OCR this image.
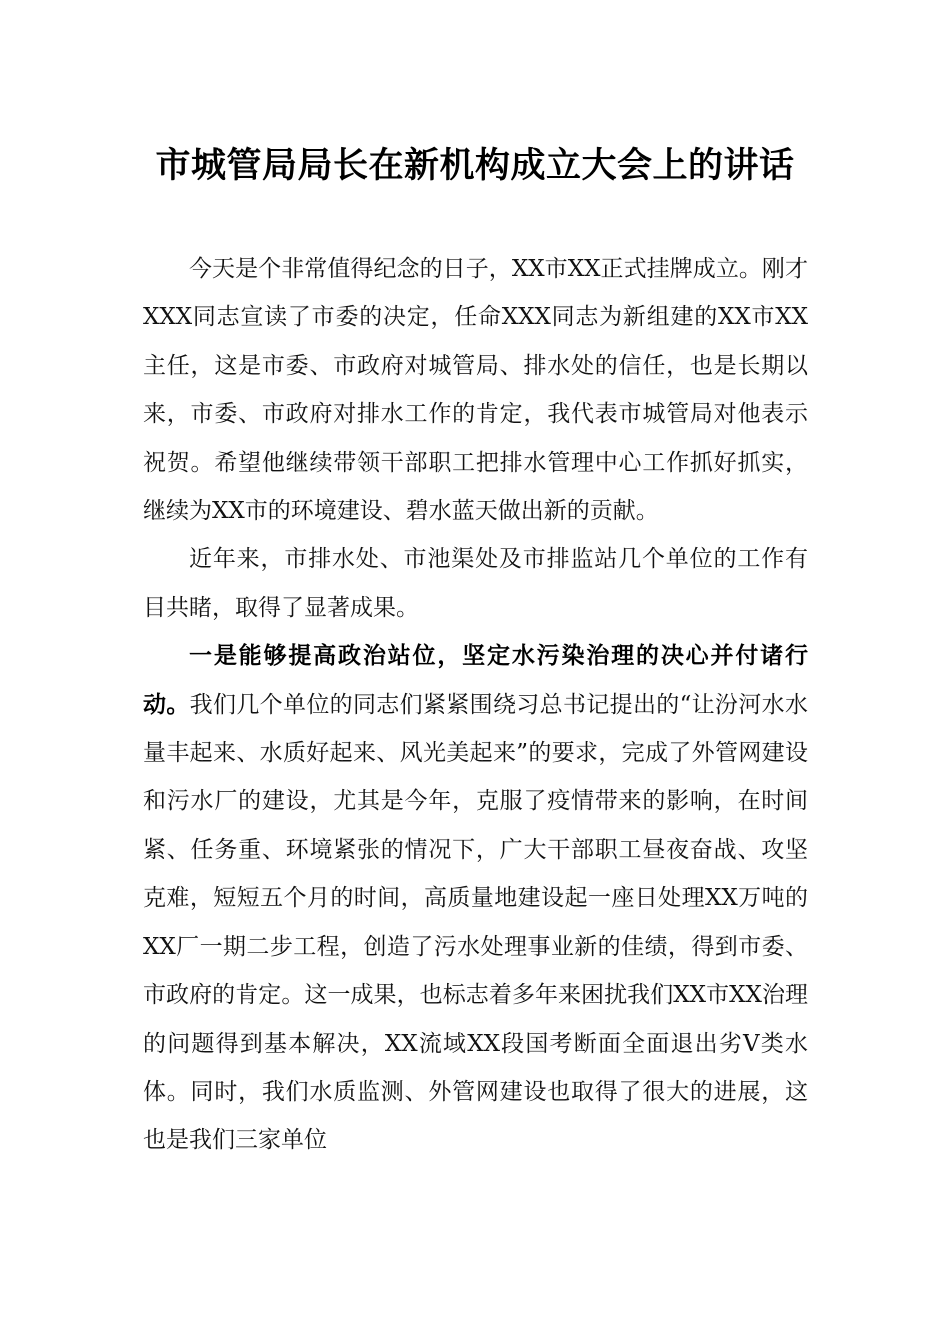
市城管局局长在新机构成立大会上的讲话

今天是个非常值得纪念的日子，XX市XX正式挂牌成立。刚才XXX同志宣读了市委的决定，任命XXX同志为新组建的XX市XX主任，这是市委、市政府对城管局、排水处的信任，也是长期以来，市委、市政府对排水工作的肯定，我代表市城管局对他表示祝贺。希望他继续带领干部职工把排水管理中心工作抓好抓实，继续为XX市的环境建设、碧水蓝天做出新的贡献。

近年来，市排水处、市池渠处及市排监站几个单位的工作有目共睹，取得了显著成果。

一是能够提高政治站位，坚定水污染治理的决心并付诸行动。我们几个单位的同志们紧紧围绕习总书记提出的“让汾河水水量丰起来、水质好起来、风光美起来”的要求，完成了外管网建设和污水厂的建设，尤其是今年，克服了疫情带来的影响，在时间紧、任务重、环境紧张的情况下，广大干部职工昼夜奋战、攻坚克难，短短五个月的时间，高质量地建设起一座日处理XX万吨的XX厂一期二步工程，创造了污水处理事业新的佳绩，得到市委、市政府的肯定。这一成果，也标志着多年来困扰我们XX市XX治理的问题得到基本解决，XX流域XX段国考断面全面退出劣Ⅴ类水体。同时，我们水质监测、外管网建设也取得了很大的进展，这也是我们三家单位
